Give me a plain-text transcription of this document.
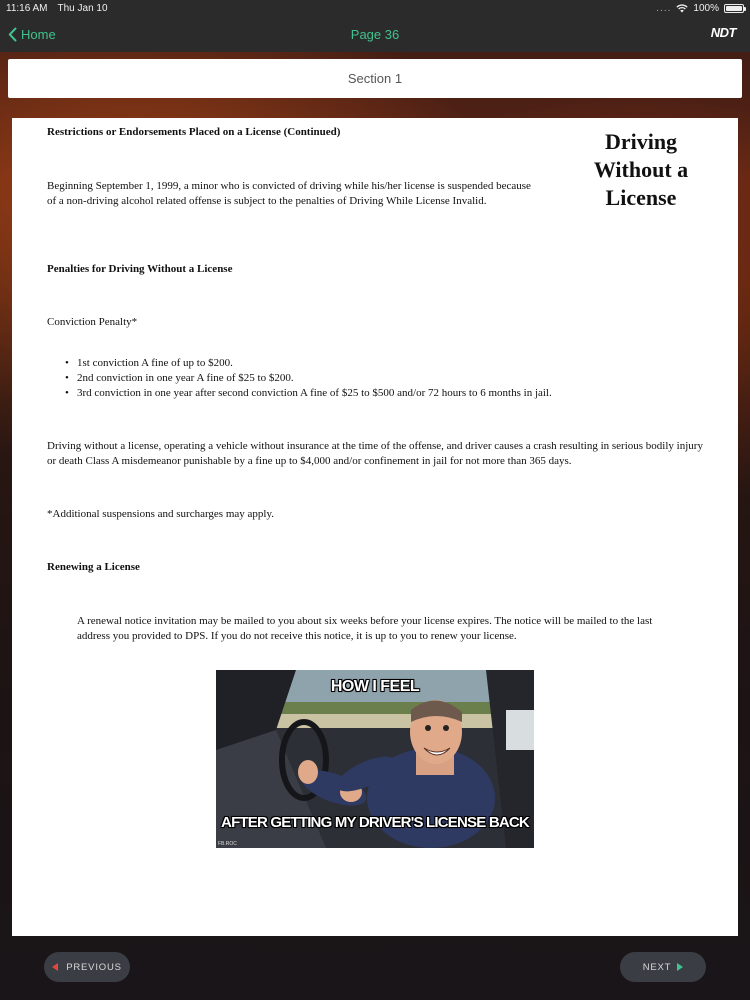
11:16 AM Thu Jan 10	.... 100%
Home	Page 36	NDT
Section 1
Restrictions or Endorsements Placed on a License (Continued)	Driving
Without a
License

Beginning September 1, 1999, a minor who is convicted of driving while his/her license is suspended because of a non-driving alcohol related offense is subject to the penalties of Driving While License Invalid.

Penalties for Driving Without a License

Conviction Penalty*

• 1st conviction A fine of up to $200.
• 2nd conviction in one year A fine of $25 to $200.
• 3rd conviction in one year after second conviction A fine of $25 to $500 and/or 72 hours to 6 months in jail.

Driving without a license, operating a vehicle without insurance at the time of the offense, and driver causes a crash resulting in serious bodily injury or death Class A misdemeanor punishable by a fine up to $4,000 and/or confinement in jail for not more than 365 days.

*Additional suspensions and surcharges may apply.

Renewing a License

A renewal notice invitation may be mailed to you about six weeks before your license expires. The notice will be mailed to the last address you provided to DPS. If you do not receive this notice, it is up to you to renew your license.

HOW I FEEL
AFTER GETTING MY DRIVER'S LICENSE BACK
FB.ROC
PREVIOUS	NEXT
